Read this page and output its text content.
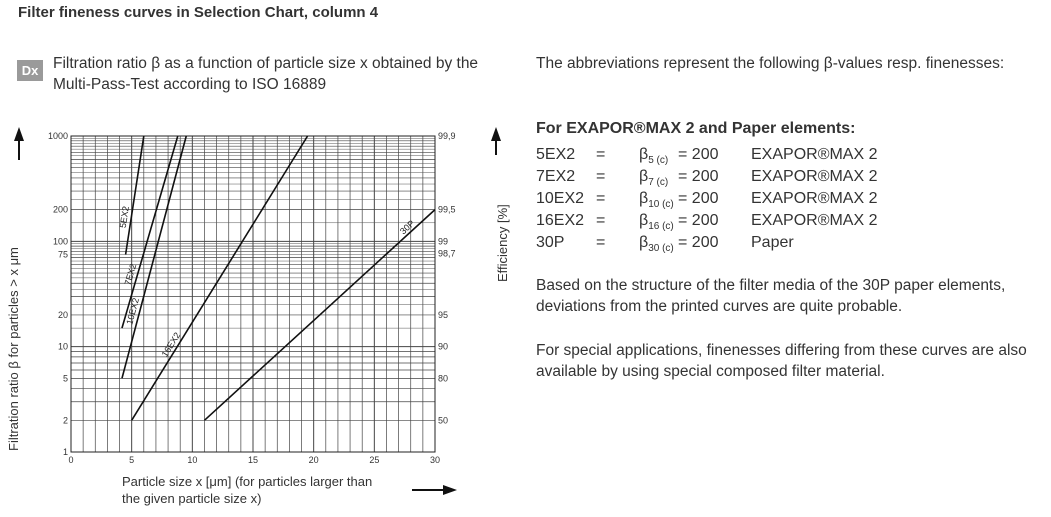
Filter fineness curves in Selection Chart, column 4
Dx Filtration ratio β as a function of particle size x obtained by the Multi-Pass-Test according to ISO 16889
0	5	10	15	20	25	30
1
2
5
10
20
75
100
200
1000
50
80
90
95
98,7
99
99,5
99,9
5EX2
7EX2
10EX2
16EX2
30P
Filtration ratio β for particles > x μm
Efficiency [%]
Particle size x [μm] (for particles larger than the given particle size x)
The abbreviations represent the following β-values resp. finenesses:
For EXAPOR®MAX 2 and Paper elements:
$5EX2 = \beta_{5 (c)} = 200$ EXAPOR®MAX 2
$7EX2 = \beta_{7 (c)} = 200$ EXAPOR®MAX 2
$10EX2 = \beta_{10 (c)} = 200$ EXAPOR®MAX 2
$16EX2 = \beta_{16 (c)} = 200$ EXAPOR®MAX 2
$30P = \beta_{30 (c)} = 200$ Paper
Based on the structure of the filter media of the 30P paper elements, deviations from the printed curves are quite probable.
For special applications, finenesses differing from these curves are also available by using special composed filter material.
